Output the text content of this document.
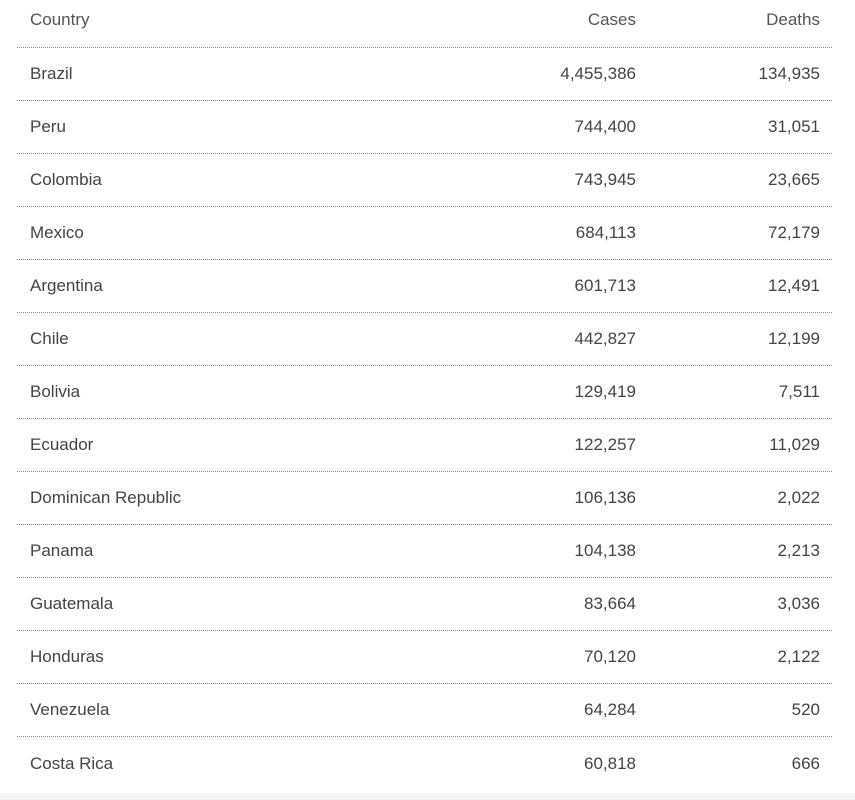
Country	Cases	Deaths
Brazil	4,455,386	134,935
Peru	744,400	31,051
Colombia	743,945	23,665
Mexico	684,113	72,179
Argentina	601,713	12,491
Chile	442,827	12,199
Bolivia	129,419	7,511
Ecuador	122,257	11,029
Dominican Republic	106,136	2,022
Panama	104,138	2,213
Guatemala	83,664	3,036
Honduras	70,120	2,122
Venezuela	64,284	520
Costa Rica	60,818	666
